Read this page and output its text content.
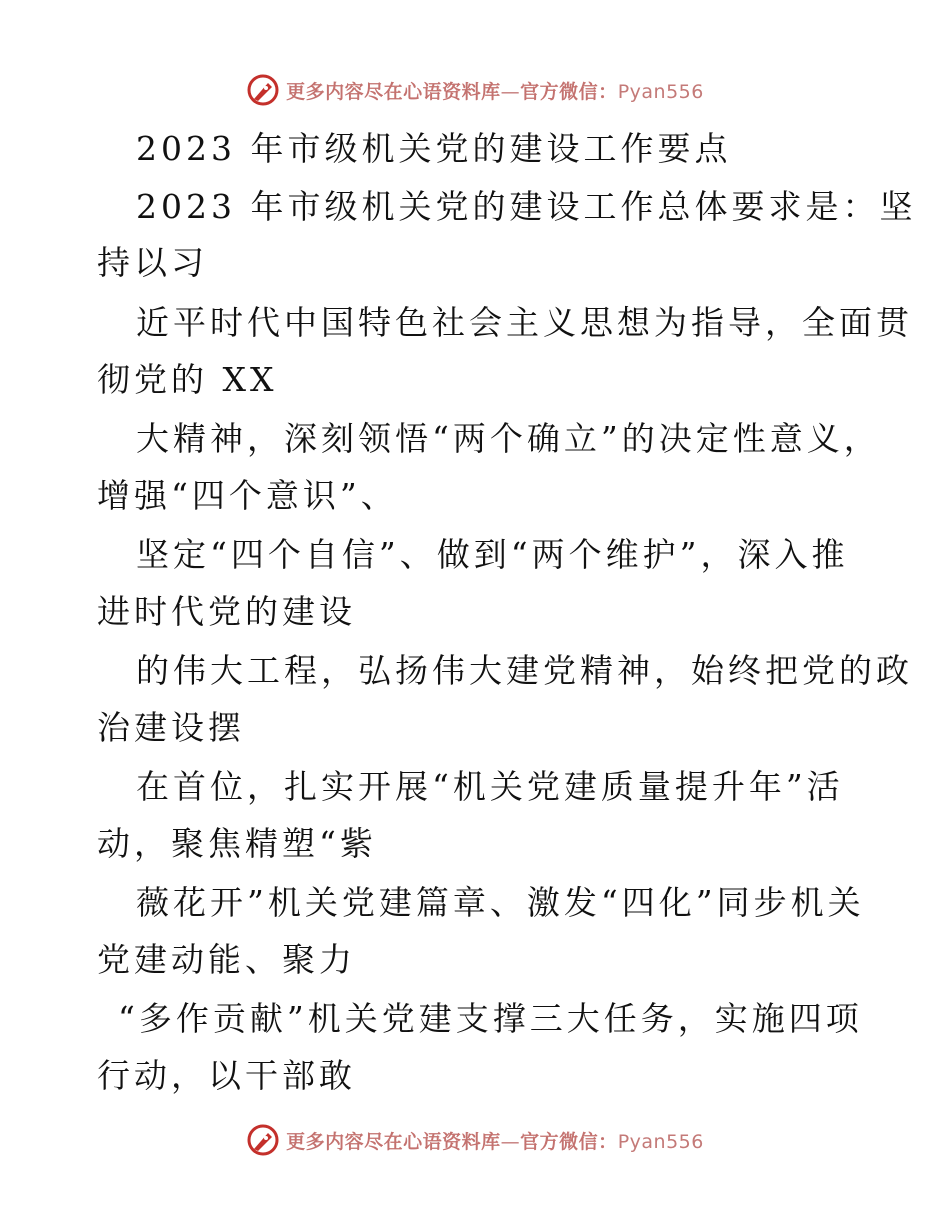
更多内容尽在心语资料库—官方微信：Pyan556
2023 年市级机关党的建设工作要点
2023 年市级机关党的建设工作总体要求是：坚
持以习
近平时代中国特色社会主义思想为指导，全面贯
彻党的 XX
大精神，深刻领悟“两个确立”的决定性意义，
增强“四个意识”、
坚定“四个自信”、做到“两个维护”，深入推
进时代党的建设
的伟大工程，弘扬伟大建党精神，始终把党的政
治建设摆
在首位，扎实开展“机关党建质量提升年”活
动，聚焦精塑“紫
薇花开”机关党建篇章、激发“四化”同步机关
党建动能、聚力
“多作贡献”机关党建支撑三大任务，实施四项
行动，以干部敢
更多内容尽在心语资料库—官方微信：Pyan556
